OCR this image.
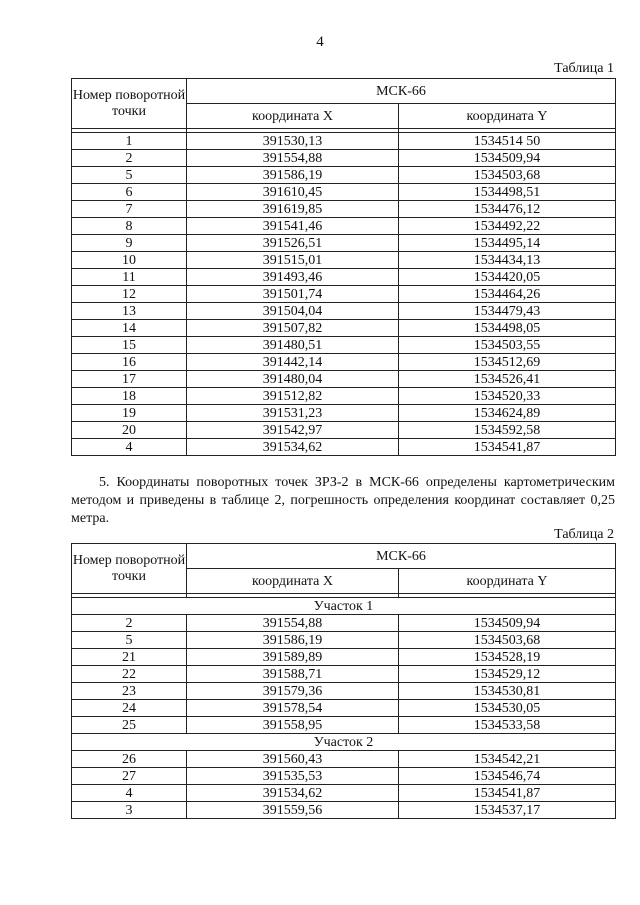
4
Таблица 1
Номер поворотной точки	МСК-66	
	координата X	координата Y

1	391530,13	1534514 50
2	391554,88	1534509,94
5	391586,19	1534503,68
6	391610,45	1534498,51
7	391619,85	1534476,12
8	391541,46	1534492,22
9	391526,51	1534495,14
10	391515,01	1534434,13
11	391493,46	1534420,05
12	391501,74	1534464,26
13	391504,04	1534479,43
14	391507,82	1534498,05
15	391480,51	1534503,55
16	391442,14	1534512,69
17	391480,04	1534526,41
18	391512,82	1534520,33
19	391531,23	1534624,89
20	391542,97	1534592,58
4	391534,62	1534541,87
5. Координаты поворотных точек ЗРЗ-2 в МСК-66 определены картометрическим методом и приведены в таблице 2, погрешность определения координат составляет 0,25 метра.
Таблица 2
Номер поворотной точки	МСК-66	
	координата X	координата Y

Участок 1		
2	391554,88	1534509,94
5	391586,19	1534503,68
21	391589,89	1534528,19
22	391588,71	1534529,12
23	391579,36	1534530,81
24	391578,54	1534530,05
25	391558,95	1534533,58
Участок 2		
26	391560,43	1534542,21
27	391535,53	1534546,74
4	391534,62	1534541,87
3	391559,56	1534537,17
